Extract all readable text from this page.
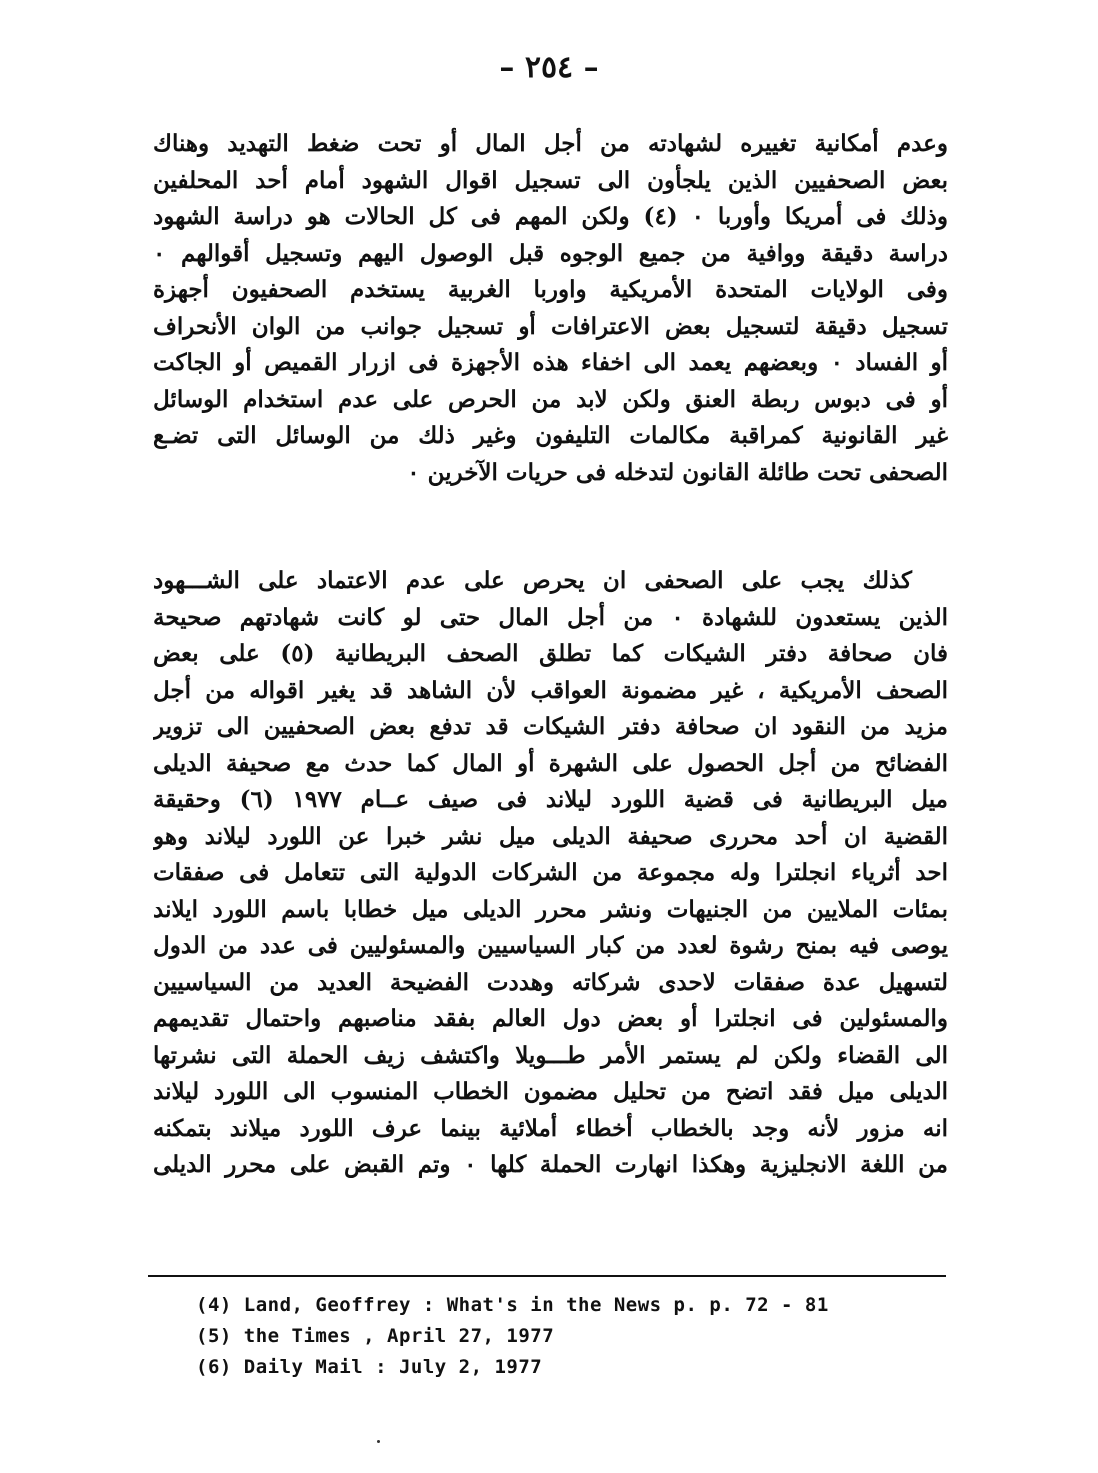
– ٢٥٤ –
وعدم أمكانية تغييره لشهادته من أجل المال أو تحت ضغط التهديد وهناك
بعض الصحفيين الذين يلجأون الى تسجيل اقوال الشهود أمام أحد المحلفين
وذلك فى أمريكا وأوربا ٠ (٤) ولكن المهم فى كل الحالات هو دراسة الشهود
دراسة دقيقة ووافية من جميع الوجوه قبل الوصول اليهم وتسجيل أقوالهم ٠
وفى الولايات المتحدة الأمريكية واوربا الغربية يستخدم الصحفيون أجهزة
تسجيل دقيقة لتسجيل بعض الاعترافات أو تسجيل جوانب من الوان الأنحراف
أو الفساد ٠ وبعضهم يعمد الى اخفاء هذه الأجهزة فى ازرار القميص أو الجاكت
أو فى دبوس ربطة العنق ولكن لابد من الحرص على عدم استخدام الوسائل
غير القانونية كمراقبة مكالمات التليفون وغير ذلك من الوسائل التى تضـع
الصحفى تحت طائلة القانون لتدخله فى حريات الآخرين ٠
كذلك يجب على الصحفى ان يحرص على عدم الاعتماد على الشـــهود
الذين يستعدون للشهادة ٠ من أجل المال حتى لو كانت شهادتهم صحيحة
فان صحافة دفتر الشيكات كما تطلق الصحف البريطانية (٥) على بعض
الصحف الأمريكية ، غير مضمونة العواقب لأن الشاهد قد يغير اقواله من أجل
مزيد من النقود ان صحافة دفتر الشيكات قد تدفع بعض الصحفيين الى تزوير
الفضائح من أجل الحصول على الشهرة أو المال كما حدث مع صحيفة الديلى
ميل البريطانية فى قضية اللورد ليلاند فى صيف عــام ١٩٧٧ (٦) وحقيقة
القضية ان أحد محررى صحيفة الديلى ميل نشر خبرا عن اللورد ليلاند وهو
احد أثرياء انجلترا وله مجموعة من الشركات الدولية التى تتعامل فى صفقات
بمئات الملايين من الجنيهات ونشر محرر الديلى ميل خطابا باسم اللورد ايلاند
يوصى فيه بمنح رشوة لعدد من كبار السياسيين والمسئوليين فى عدد من الدول
لتسهيل عدة صفقات لاحدى شركاته وهددت الفضيحة العديد من السياسيين
والمسئولين فى انجلترا أو بعض دول العالم بفقد مناصبهم واحتمال تقديمهم
الى القضاء ولكن لم يستمر الأمر طـــويلا واكتشف زيف الحملة التى نشرتها
الديلى ميل فقد اتضح من تحليل مضمون الخطاب المنسوب الى اللورد ليلاند
انه مزور لأنه وجد بالخطاب أخطاء أملائية بينما عرف اللورد ميلاند بتمكنه
من اللغة الانجليزية وهكذا انهارت الحملة كلها ٠ وتم القبض على محرر الديلى
(4) Land, Geoffrey : What's in the News p. p. 72 - 81
(5) the Times , April 27, 1977
(6) Daily Mail : July 2, 1977
